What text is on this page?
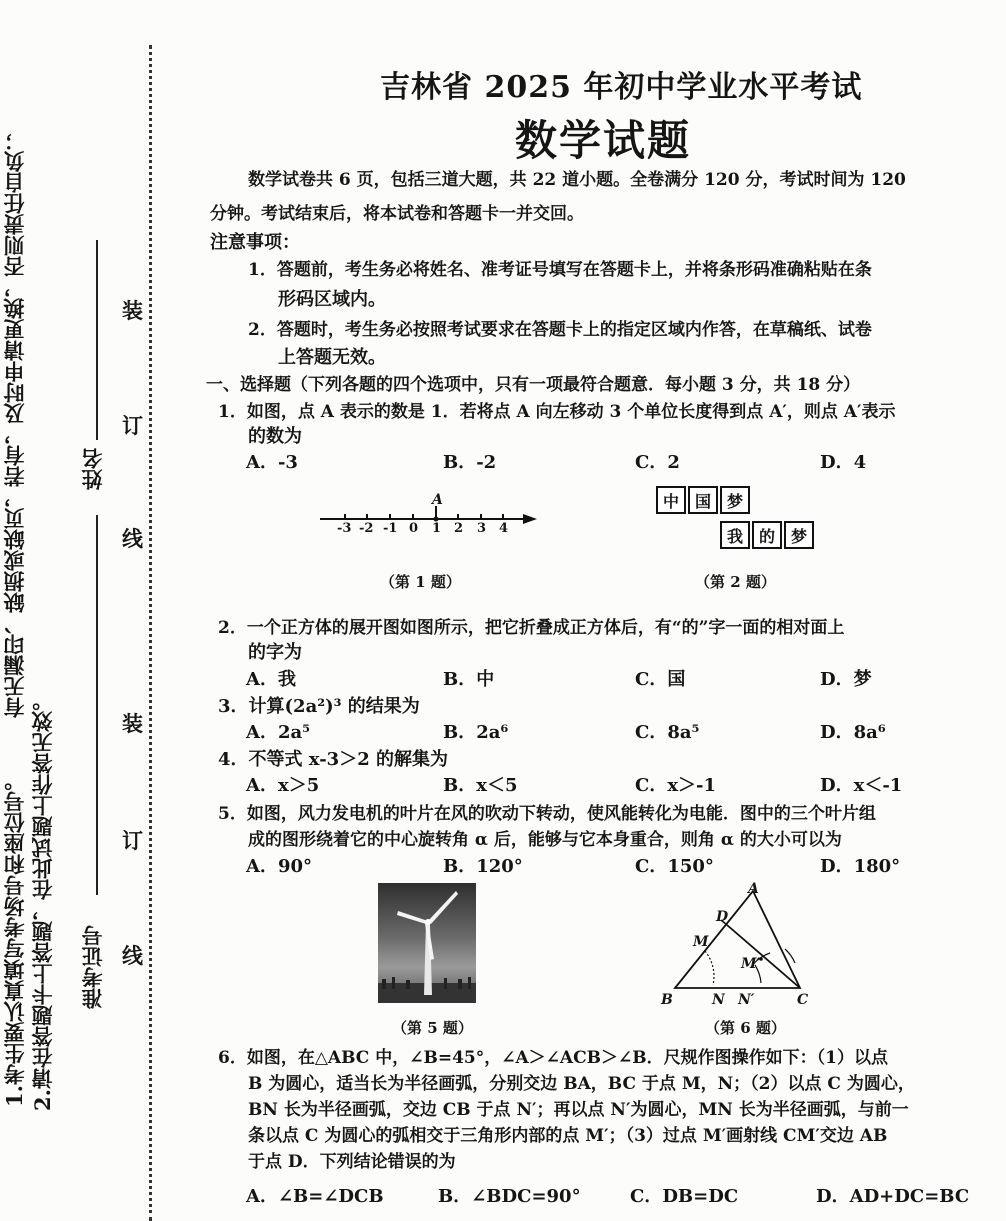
1.考生要认真填写考场号和座位号。 2.请在答题卡上答题，在此试题上作答无效。
有无漏印、缺损或缺页，若有，及时申请更换，否则责任自负；	姓名
准考证号
装
订
线
装
订
线
吉林省 2025 年初中学业水平考试
数学试题
数学试卷共 6 页，包括三道大题，共 22 道小题。全卷满分 120 分，考试时间为 120
分钟。考试结束后，将本试卷和答题卡一并交回。
注意事项：
1．答题前，考生务必将姓名、准考证号填写在答题卡上，并将条形码准确粘贴在条
形码区域内。
2．答题时，考生务必按照考试要求在答题卡上的指定区域内作答，在草稿纸、试卷
上答题无效。
一、选择题（下列各题的四个选项中，只有一项最符合题意．每小题 3 分，共 18 分）
1．如图，点 A 表示的数是 1．若将点 A 向左移动 3 个单位长度得到点 A′，则点 A′表示
的数为
A．-3	B．-2	C．2	D．4
A
-3 -2 -1 0 1 2 3 4
（第 1 题）
中 国 梦
我 的 梦
（第 2 题）
2．一个正方体的展开图如图所示，把它折叠成正方体后，有“的”字一面的相对面上
的字为
A．我	B．中	C．国	D．梦
3．计算(2a²)³ 的结果为
A．2a⁵	B．2a⁶	C．8a⁵	D．8a⁶
4．不等式 x-3＞2 的解集为
A．x＞5	B．x＜5	C．x＞-1	D．x＜-1
5．如图，风力发电机的叶片在风的吹动下转动，使风能转化为电能．图中的三个叶片组
成的图形绕着它的中心旋转角 α 后，能够与它本身重合，则角 α 的大小可以为
A．90°	B．120°	C．150°	D．180°
（第 5 题）
A
D
M
M′
B	N N′	C
（第 6 题）
6．如图，在△ABC 中，∠B=45°，∠A＞∠ACB＞∠B．尺规作图操作如下：（1）以点
B 为圆心，适当长为半径画弧，分别交边 BA，BC 于点 M，N；（2）以点 C 为圆心，
BN 长为半径画弧，交边 CB 于点 N′；再以点 N′为圆心，MN 长为半径画弧，与前一
条以点 C 为圆心的弧相交于三角形内部的点 M′；（3）过点 M′画射线 CM′交边 AB
于点 D．下列结论错误的为
A．∠B=∠DCB	B．∠BDC=90°	C．DB=DC	D．AD+DC=BC
